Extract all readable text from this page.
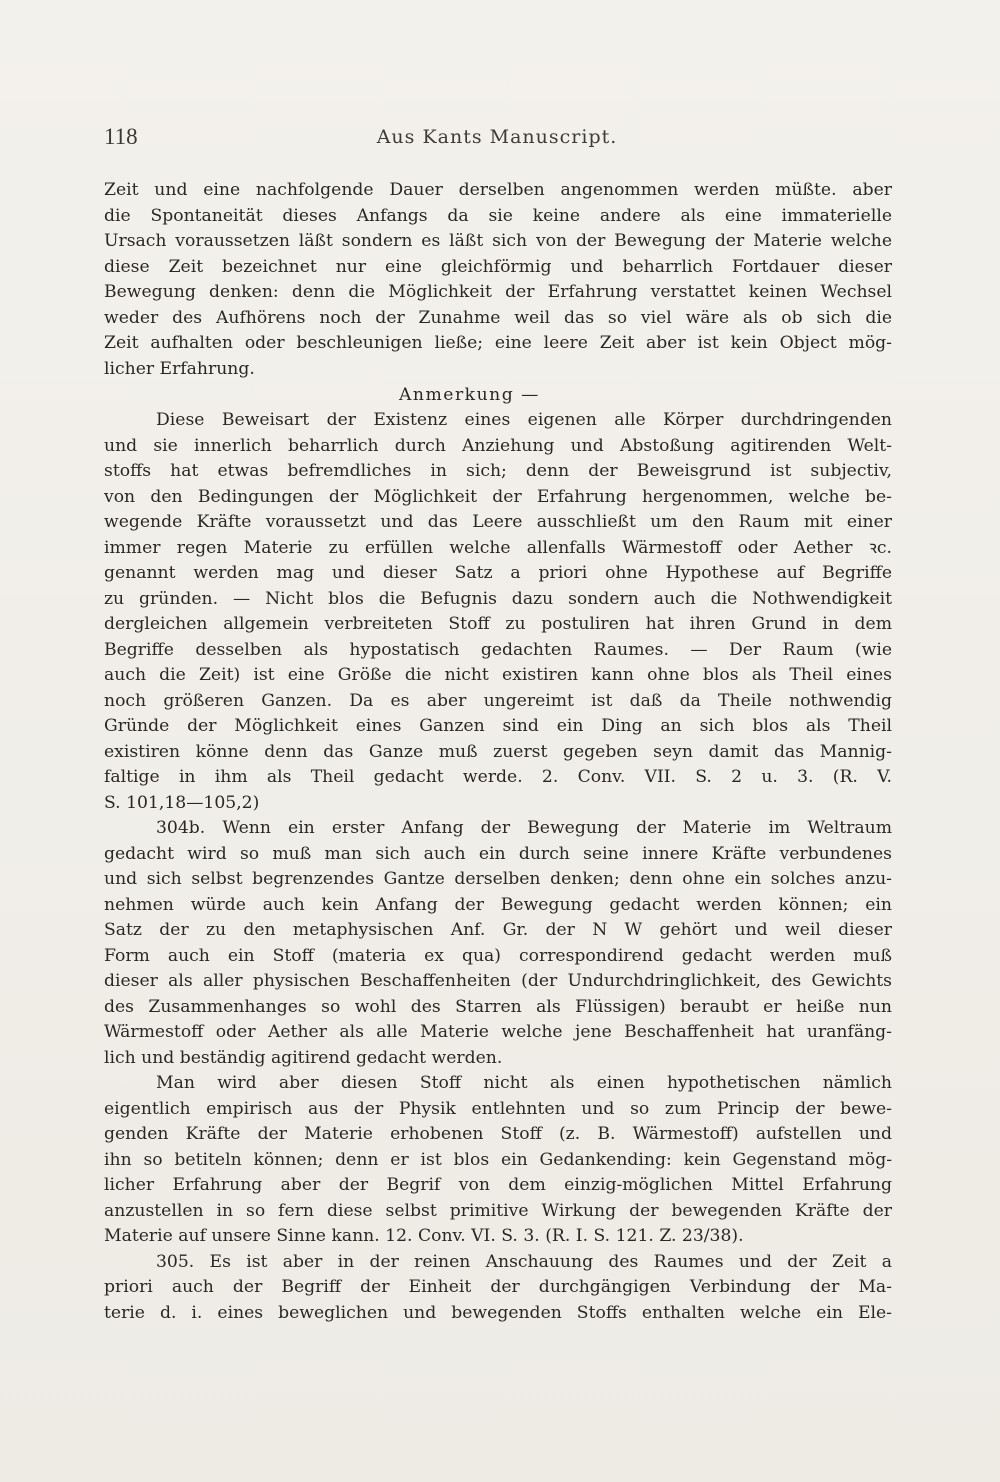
118	Aus Kants Manuscript.
Zeit und eine nachfolgende Dauer derselben angenommen werden müßte. aber
die Spontaneität dieses Anfangs da sie keine andere als eine immaterielle
Ursach voraussetzen läßt sondern es läßt sich von der Bewegung der Materie welche
diese Zeit bezeichnet nur eine gleichförmig und beharrlich Fortdauer dieser
Bewegung denken: denn die Möglichkeit der Erfahrung verstattet keinen Wechsel
weder des Aufhörens noch der Zunahme weil das so viel wäre als ob sich die
Zeit aufhalten oder beschleunigen ließe; eine leere Zeit aber ist kein Object mög-
licher Erfahrung.
Anmerkung —
Diese Beweisart der Existenz eines eigenen alle Körper durchdringenden
und sie innerlich beharrlich durch Anziehung und Abstoßung agitirenden Welt-
stoffs hat etwas befremdliches in sich; denn der Beweisgrund ist subjectiv,
von den Bedingungen der Möglichkeit der Erfahrung hergenommen, welche be-
wegende Kräfte voraussetzt und das Leere ausschließt um den Raum mit einer
immer regen Materie zu erfüllen welche allenfalls Wärmestoff oder Aether ꝛc.
genannt werden mag und dieser Satz a priori ohne Hypothese auf Begriffe
zu gründen. — Nicht blos die Befugnis dazu sondern auch die Nothwendigkeit
dergleichen allgemein verbreiteten Stoff zu postuliren hat ihren Grund in dem
Begriffe desselben als hypostatisch gedachten Raumes. — Der Raum (wie
auch die Zeit) ist eine Größe die nicht existiren kann ohne blos als Theil eines
noch größeren Ganzen. Da es aber ungereimt ist daß da Theile nothwendig
Gründe der Möglichkeit eines Ganzen sind ein Ding an sich blos als Theil
existiren könne denn das Ganze muß zuerst gegeben seyn damit das Mannig-
faltige in ihm als Theil gedacht werde. 2. Conv. VII. S. 2 u. 3. (R. V.
S. 101,18—105,2)
304b. Wenn ein erster Anfang der Bewegung der Materie im Weltraum
gedacht wird so muß man sich auch ein durch seine innere Kräfte verbundenes
und sich selbst begrenzendes Gantze derselben denken; denn ohne ein solches anzu-
nehmen würde auch kein Anfang der Bewegung gedacht werden können; ein
Satz der zu den metaphysischen Anf. Gr. der N W gehört und weil dieser
Form auch ein Stoff (materia ex qua) correspondirend gedacht werden muß
dieser als aller physischen Beschaffenheiten (der Undurchdringlichkeit, des Gewichts
des Zusammenhanges so wohl des Starren als Flüssigen) beraubt er heiße nun
Wärmestoff oder Aether als alle Materie welche jene Beschaffenheit hat uranfäng-
lich und beständig agitirend gedacht werden.
Man wird aber diesen Stoff nicht als einen hypothetischen nämlich
eigentlich empirisch aus der Physik entlehnten und so zum Princip der bewe-
genden Kräfte der Materie erhobenen Stoff (z. B. Wärmestoff) aufstellen und
ihn so betiteln können; denn er ist blos ein Gedankending: kein Gegenstand mög-
licher Erfahrung aber der Begrif von dem einzig-möglichen Mittel Erfahrung
anzustellen in so fern diese selbst primitive Wirkung der bewegenden Kräfte der
Materie auf unsere Sinne kann. 12. Conv. VI. S. 3. (R. I. S. 121. Z. 23/38).
305. Es ist aber in der reinen Anschauung des Raumes und der Zeit a
priori auch der Begriff der Einheit der durchgängigen Verbindung der Ma-
terie d. i. eines beweglichen und bewegenden Stoffs enthalten welche ein Ele-
